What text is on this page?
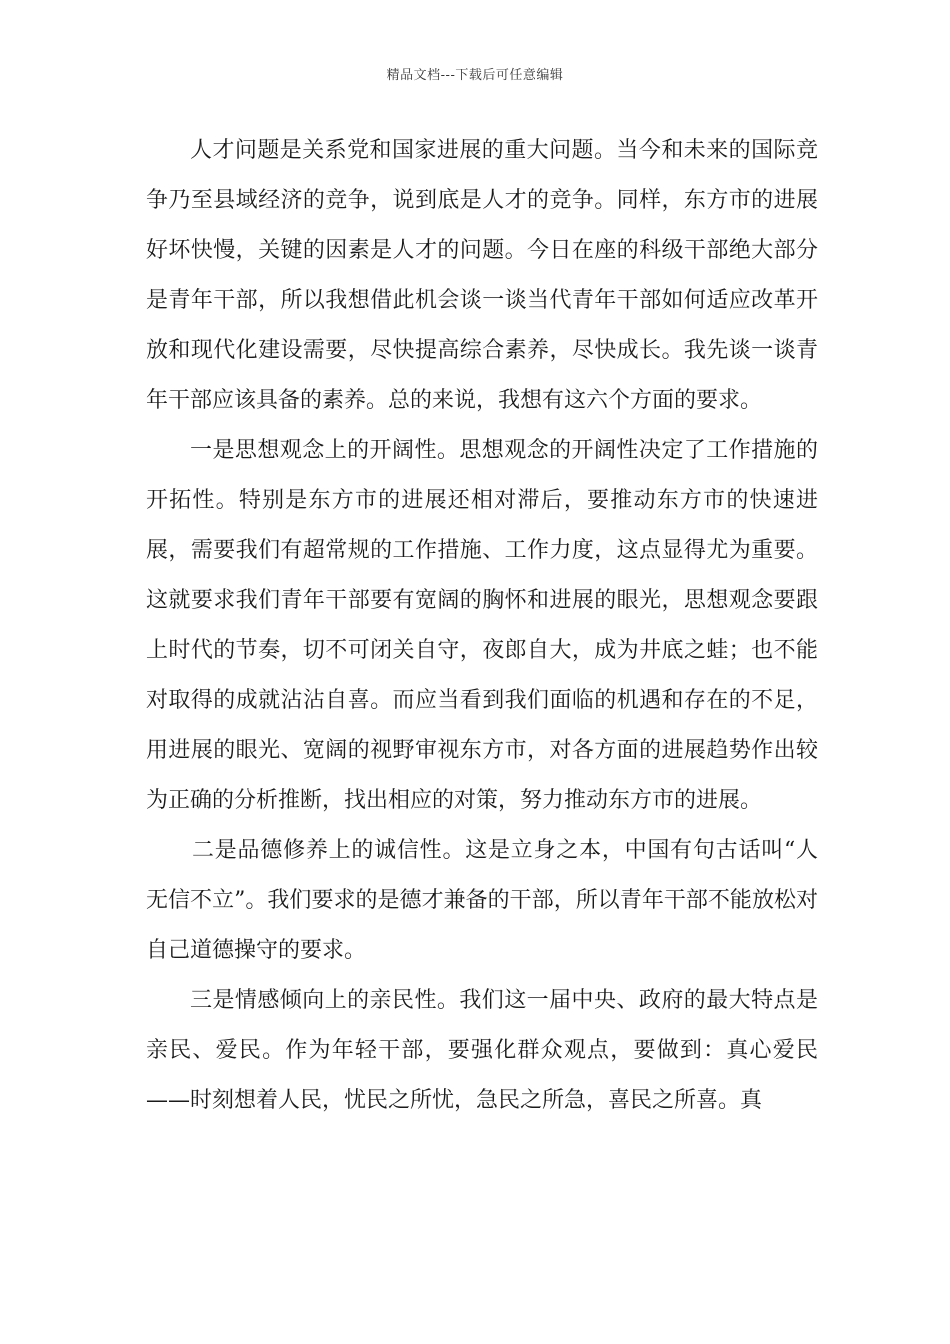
精品文档---下载后可任意编辑

人才问题是关系党和国家进展的重大问题。当今和未来的国际竞争乃至县域经济的竞争，说到底是人才的竞争。同样，东方市的进展好坏快慢，关键的因素是人才的问题。今日在座的科级干部绝大部分是青年干部，所以我想借此机会谈一谈当代青年干部如何适应改革开放和现代化建设需要，尽快提高综合素养，尽快成长。我先谈一谈青年干部应该具备的素养。总的来说，我想有这六个方面的要求。

一是思想观念上的开阔性。思想观念的开阔性决定了工作措施的开拓性。特别是东方市的进展还相对滞后，要推动东方市的快速进展，需要我们有超常规的工作措施、工作力度，这点显得尤为重要。这就要求我们青年干部要有宽阔的胸怀和进展的眼光，思想观念要跟上时代的节奏，切不可闭关自守，夜郎自大，成为井底之蛙；也不能对取得的成就沾沾自喜。而应当看到我们面临的机遇和存在的不足，用进展的眼光、宽阔的视野审视东方市，对各方面的进展趋势作出较为正确的分析推断，找出相应的对策，努力推动东方市的进展。

二是品德修养上的诚信性。这是立身之本，中国有句古话叫“人无信不立”。我们要求的是德才兼备的干部，所以青年干部不能放松对自己道德操守的要求。

三是情感倾向上的亲民性。我们这一届中央、政府的最大特点是亲民、爱民。作为年轻干部，要强化群众观点，要做到：真心爱民——时刻想着人民，忧民之所忧，急民之所急，喜民之所喜。真
